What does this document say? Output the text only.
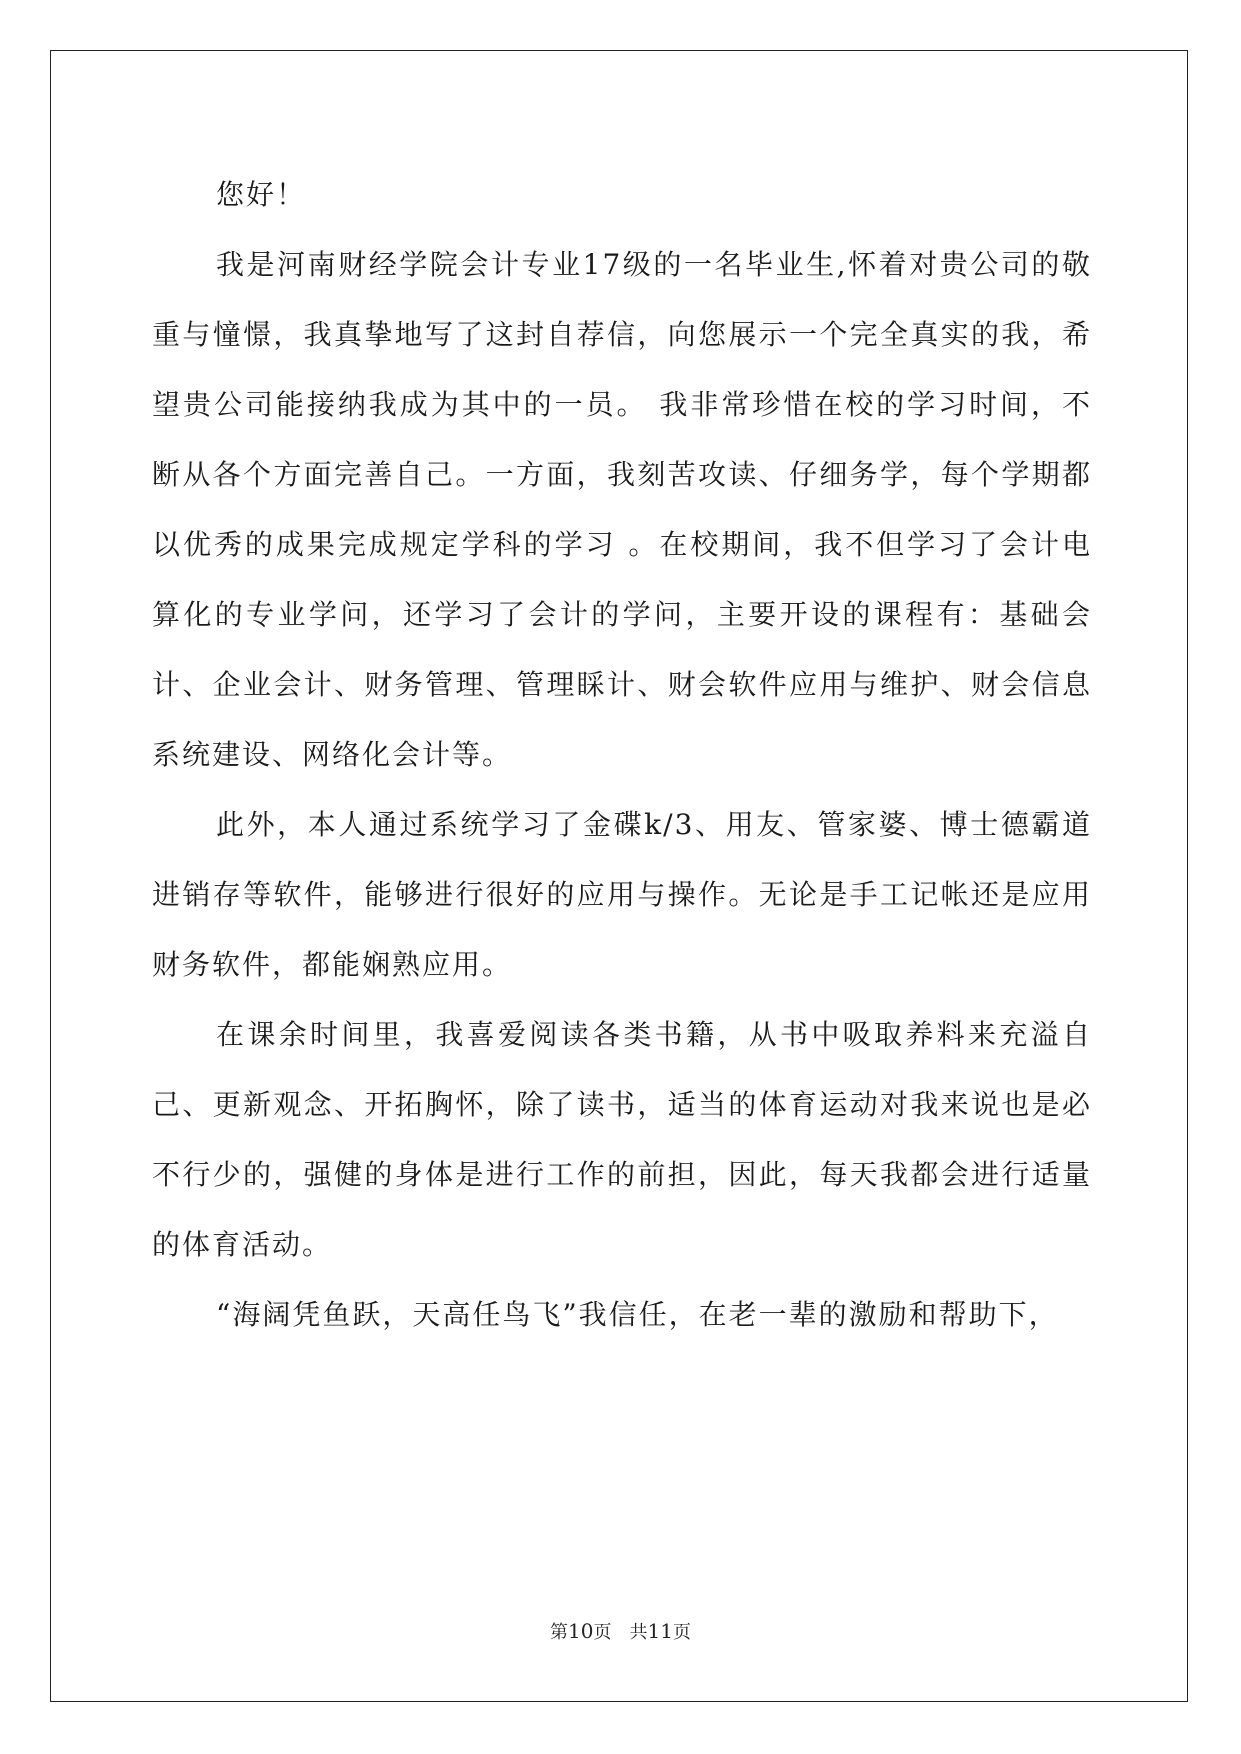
您好！

我是河南财经学院会计专业17级的一名毕业生,怀着对贵公司的敬重与憧憬，我真挚地写了这封自荐信，向您展示一个完全真实的我，希望贵公司能接纳我成为其中的一员。 我非常珍惜在校的学习时间，不断从各个方面完善自己。一方面，我刻苦攻读、仔细务学，每个学期都以优秀的成果完成规定学科的学习 。在校期间，我不但学习了会计电算化的专业学问，还学习了会计的学问，主要开设的课程有：基础会计、企业会计、财务管理、管理睬计、财会软件应用与维护、财会信息系统建设、网络化会计等。

此外，本人通过系统学习了金碟k/3、用友、管家婆、博士德霸道进销存等软件，能够进行很好的应用与操作。无论是手工记帐还是应用财务软件，都能娴熟应用。

在课余时间里，我喜爱阅读各类书籍，从书中吸取养料来充溢自己、更新观念、开拓胸怀，除了读书，适当的体育运动对我来说也是必不行少的，强健的身体是进行工作的前担，因此，每天我都会进行适量的体育活动。

“海阔凭鱼跃，天高任鸟飞”我信任，在老一辈的激励和帮助下，

第10页 共11页
